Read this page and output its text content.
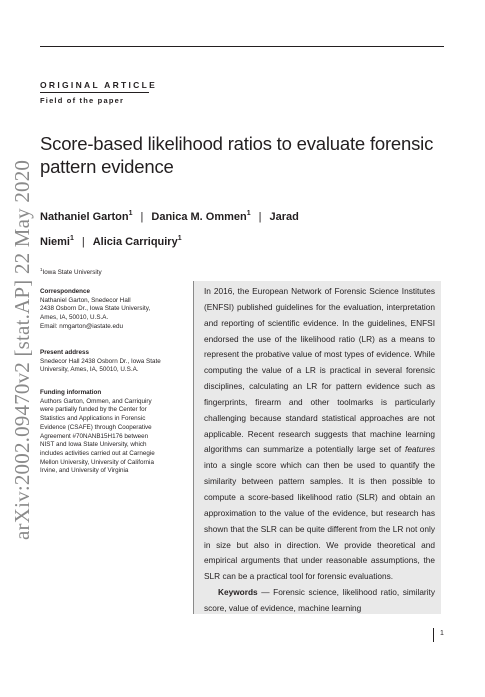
arXiv:2002.09470v2 [stat.AP] 22 May 2020
ORIGINAL ARTICLE
Field of the paper
Score-based likelihood ratios to evaluate forensic pattern evidence
Nathaniel Garton$^1$ | Danica M. Ommen$^1$ | Jarad Niemi$^1$ | Alicia Carriquiry$^1$
$^1$Iowa State University
Correspondence
Nathaniel Garton, Snedecor Hall
2438 Osborn Dr., Iowa State University,
Ames, IA, 50010, U.S.A.
Email: nmgarton@iastate.edu
Present address
Snedecor Hall 2438 Osborn Dr., Iowa State
University, Ames, IA, 50010, U.S.A.
Funding information
Authors Garton, Ommen, and Carriquiry
were partially funded by the Center for
Statistics and Applications in Forensic
Evidence (CSAFE) through Cooperative
Agreement #70NANB15H176 between
NIST and Iowa State University, which
includes activities carried out at Carnegie
Mellon University, University of California
Irvine, and University of Virginia

In 2016, the European Network of Forensic Science Institutes (ENFSI) published guidelines for the evaluation, interpretation and reporting of scientific evidence. In the guidelines, ENFSI endorsed the use of the likelihood ratio (LR) as a means to represent the probative value of most types of evidence. While computing the value of a LR is practical in several forensic disciplines, calculating an LR for pattern evidence such as fingerprints, firearm and other toolmarks is particularly challenging because standard statistical approaches are not applicable. Recent research suggests that machine learning algorithms can summarize a potentially large set of features into a single score which can then be used to quantify the similarity between pattern samples. It is then possible to compute a score-based likelihood ratio (SLR) and obtain an approximation to the value of the evidence, but research has shown that the SLR can be quite different from the LR not only in size but also in direction. We provide theoretical and empirical arguments that under reasonable assumptions, the SLR can be a practical tool for forensic evaluations.

Keywords — Forensic science, likelihood ratio, similarity score, value of evidence, machine learning

1
